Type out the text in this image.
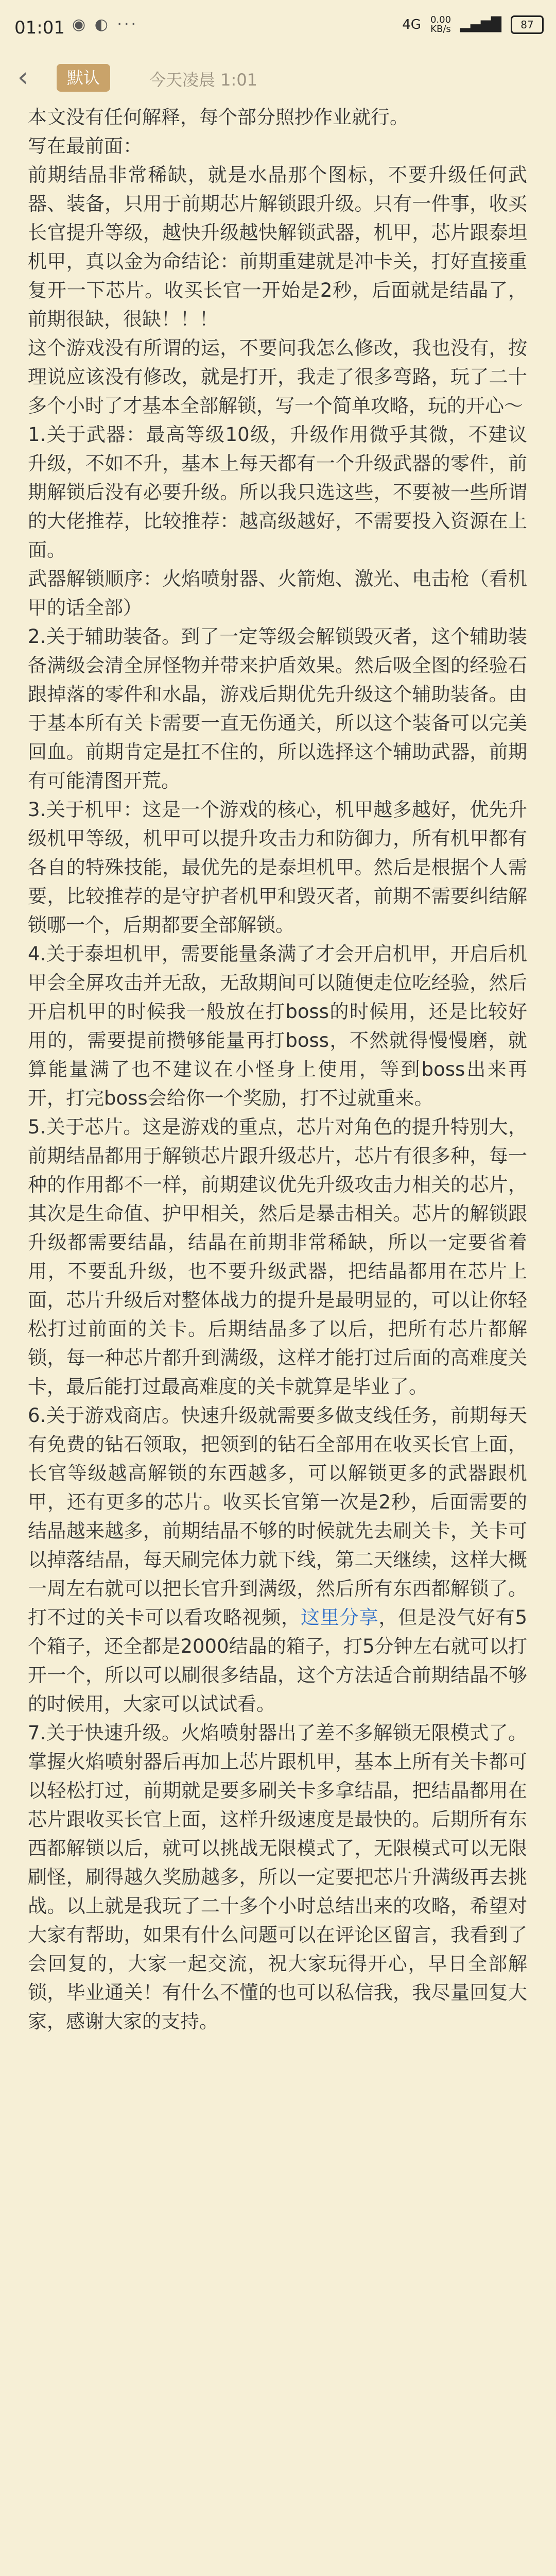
01:01 ◉ ◐ ···	4G 0.00
KB/s ▂▄▆█	87
‹	默认	今天凌晨 1:01
本文没有任何解释，每个部分照抄作业就行。
写在最前面：
前期结晶非常稀缺，就是水晶那个图标，不要升级任何武器、装备，只用于前期芯片解锁跟升级。只有一件事，收买长官提升等级，越快升级越快解锁武器，机甲，芯片跟泰坦机甲，真以金为命结论：前期重建就是冲卡关，打好直接重复开一下芯片。收买长官一开始是2秒，后面就是结晶了，前期很缺，很缺！！！
这个游戏没有所谓的运，不要问我怎么修改，我也没有，按理说应该没有修改，就是打开，我走了很多弯路，玩了二十多个小时了才基本全部解锁，写一个简单攻略，玩的开心～
1.关于武器：最高等级10级，升级作用微乎其微，不建议升级，不如不升，基本上每天都有一个升级武器的零件，前期解锁后没有必要升级。所以我只选这些，不要被一些所谓的大佬推荐，比较推荐：越高级越好，不需要投入资源在上面。
武器解锁顺序：火焰喷射器、火箭炮、激光、电击枪（看机甲的话全部）
2.关于辅助装备。到了一定等级会解锁毁灭者，这个辅助装备满级会清全屏怪物并带来护盾效果。然后吸全图的经验石跟掉落的零件和水晶，游戏后期优先升级这个辅助装备。由于基本所有关卡需要一直无伤通关，所以这个装备可以完美回血。前期肯定是扛不住的，所以选择这个辅助武器，前期有可能清图开荒。
3.关于机甲：这是一个游戏的核心，机甲越多越好，优先升级机甲等级，机甲可以提升攻击力和防御力，所有机甲都有各自的特殊技能，最优先的是泰坦机甲。然后是根据个人需要，比较推荐的是守护者机甲和毁灭者，前期不需要纠结解锁哪一个，后期都要全部解锁。
4.关于泰坦机甲，需要能量条满了才会开启机甲，开启后机甲会全屏攻击并无敌，无敌期间可以随便走位吃经验，然后开启机甲的时候我一般放在打boss的时候用，还是比较好用的，需要提前攒够能量再打boss，不然就得慢慢磨，就算能量满了也不建议在小怪身上使用，等到boss出来再开，打完boss会给你一个奖励，打不过就重来。
5.关于芯片。这是游戏的重点，芯片对角色的提升特别大，前期结晶都用于解锁芯片跟升级芯片，芯片有很多种，每一种的作用都不一样，前期建议优先升级攻击力相关的芯片，其次是生命值、护甲相关，然后是暴击相关。芯片的解锁跟升级都需要结晶，结晶在前期非常稀缺，所以一定要省着用，不要乱升级，也不要升级武器，把结晶都用在芯片上面，芯片升级后对整体战力的提升是最明显的，可以让你轻松打过前面的关卡。后期结晶多了以后，把所有芯片都解锁，每一种芯片都升到满级，这样才能打过后面的高难度关卡，最后能打过最高难度的关卡就算是毕业了。
6.关于游戏商店。快速升级就需要多做支线任务，前期每天有免费的钻石领取，把领到的钻石全部用在收买长官上面，长官等级越高解锁的东西越多，可以解锁更多的武器跟机甲，还有更多的芯片。收买长官第一次是2秒，后面需要的结晶越来越多，前期结晶不够的时候就先去刷关卡，关卡可以掉落结晶，每天刷完体力就下线，第二天继续，这样大概一周左右就可以把长官升到满级，然后所有东西都解锁了。打不过的关卡可以看攻略视频，这里分享，但是没气好有5个箱子，还全都是2000结晶的箱子，打5分钟左右就可以打开一个，所以可以刷很多结晶，这个方法适合前期结晶不够的时候用，大家可以试试看。
7.关于快速升级。火焰喷射器出了差不多解锁无限模式了。掌握火焰喷射器后再加上芯片跟机甲，基本上所有关卡都可以轻松打过，前期就是要多刷关卡多拿结晶，把结晶都用在芯片跟收买长官上面，这样升级速度是最快的。后期所有东西都解锁以后，就可以挑战无限模式了，无限模式可以无限刷怪，刷得越久奖励越多，所以一定要把芯片升满级再去挑战。以上就是我玩了二十多个小时总结出来的攻略，希望对大家有帮助，如果有什么问题可以在评论区留言，我看到了会回复的，大家一起交流，祝大家玩得开心，早日全部解锁，毕业通关！有什么不懂的也可以私信我，我尽量回复大家，感谢大家的支持。
